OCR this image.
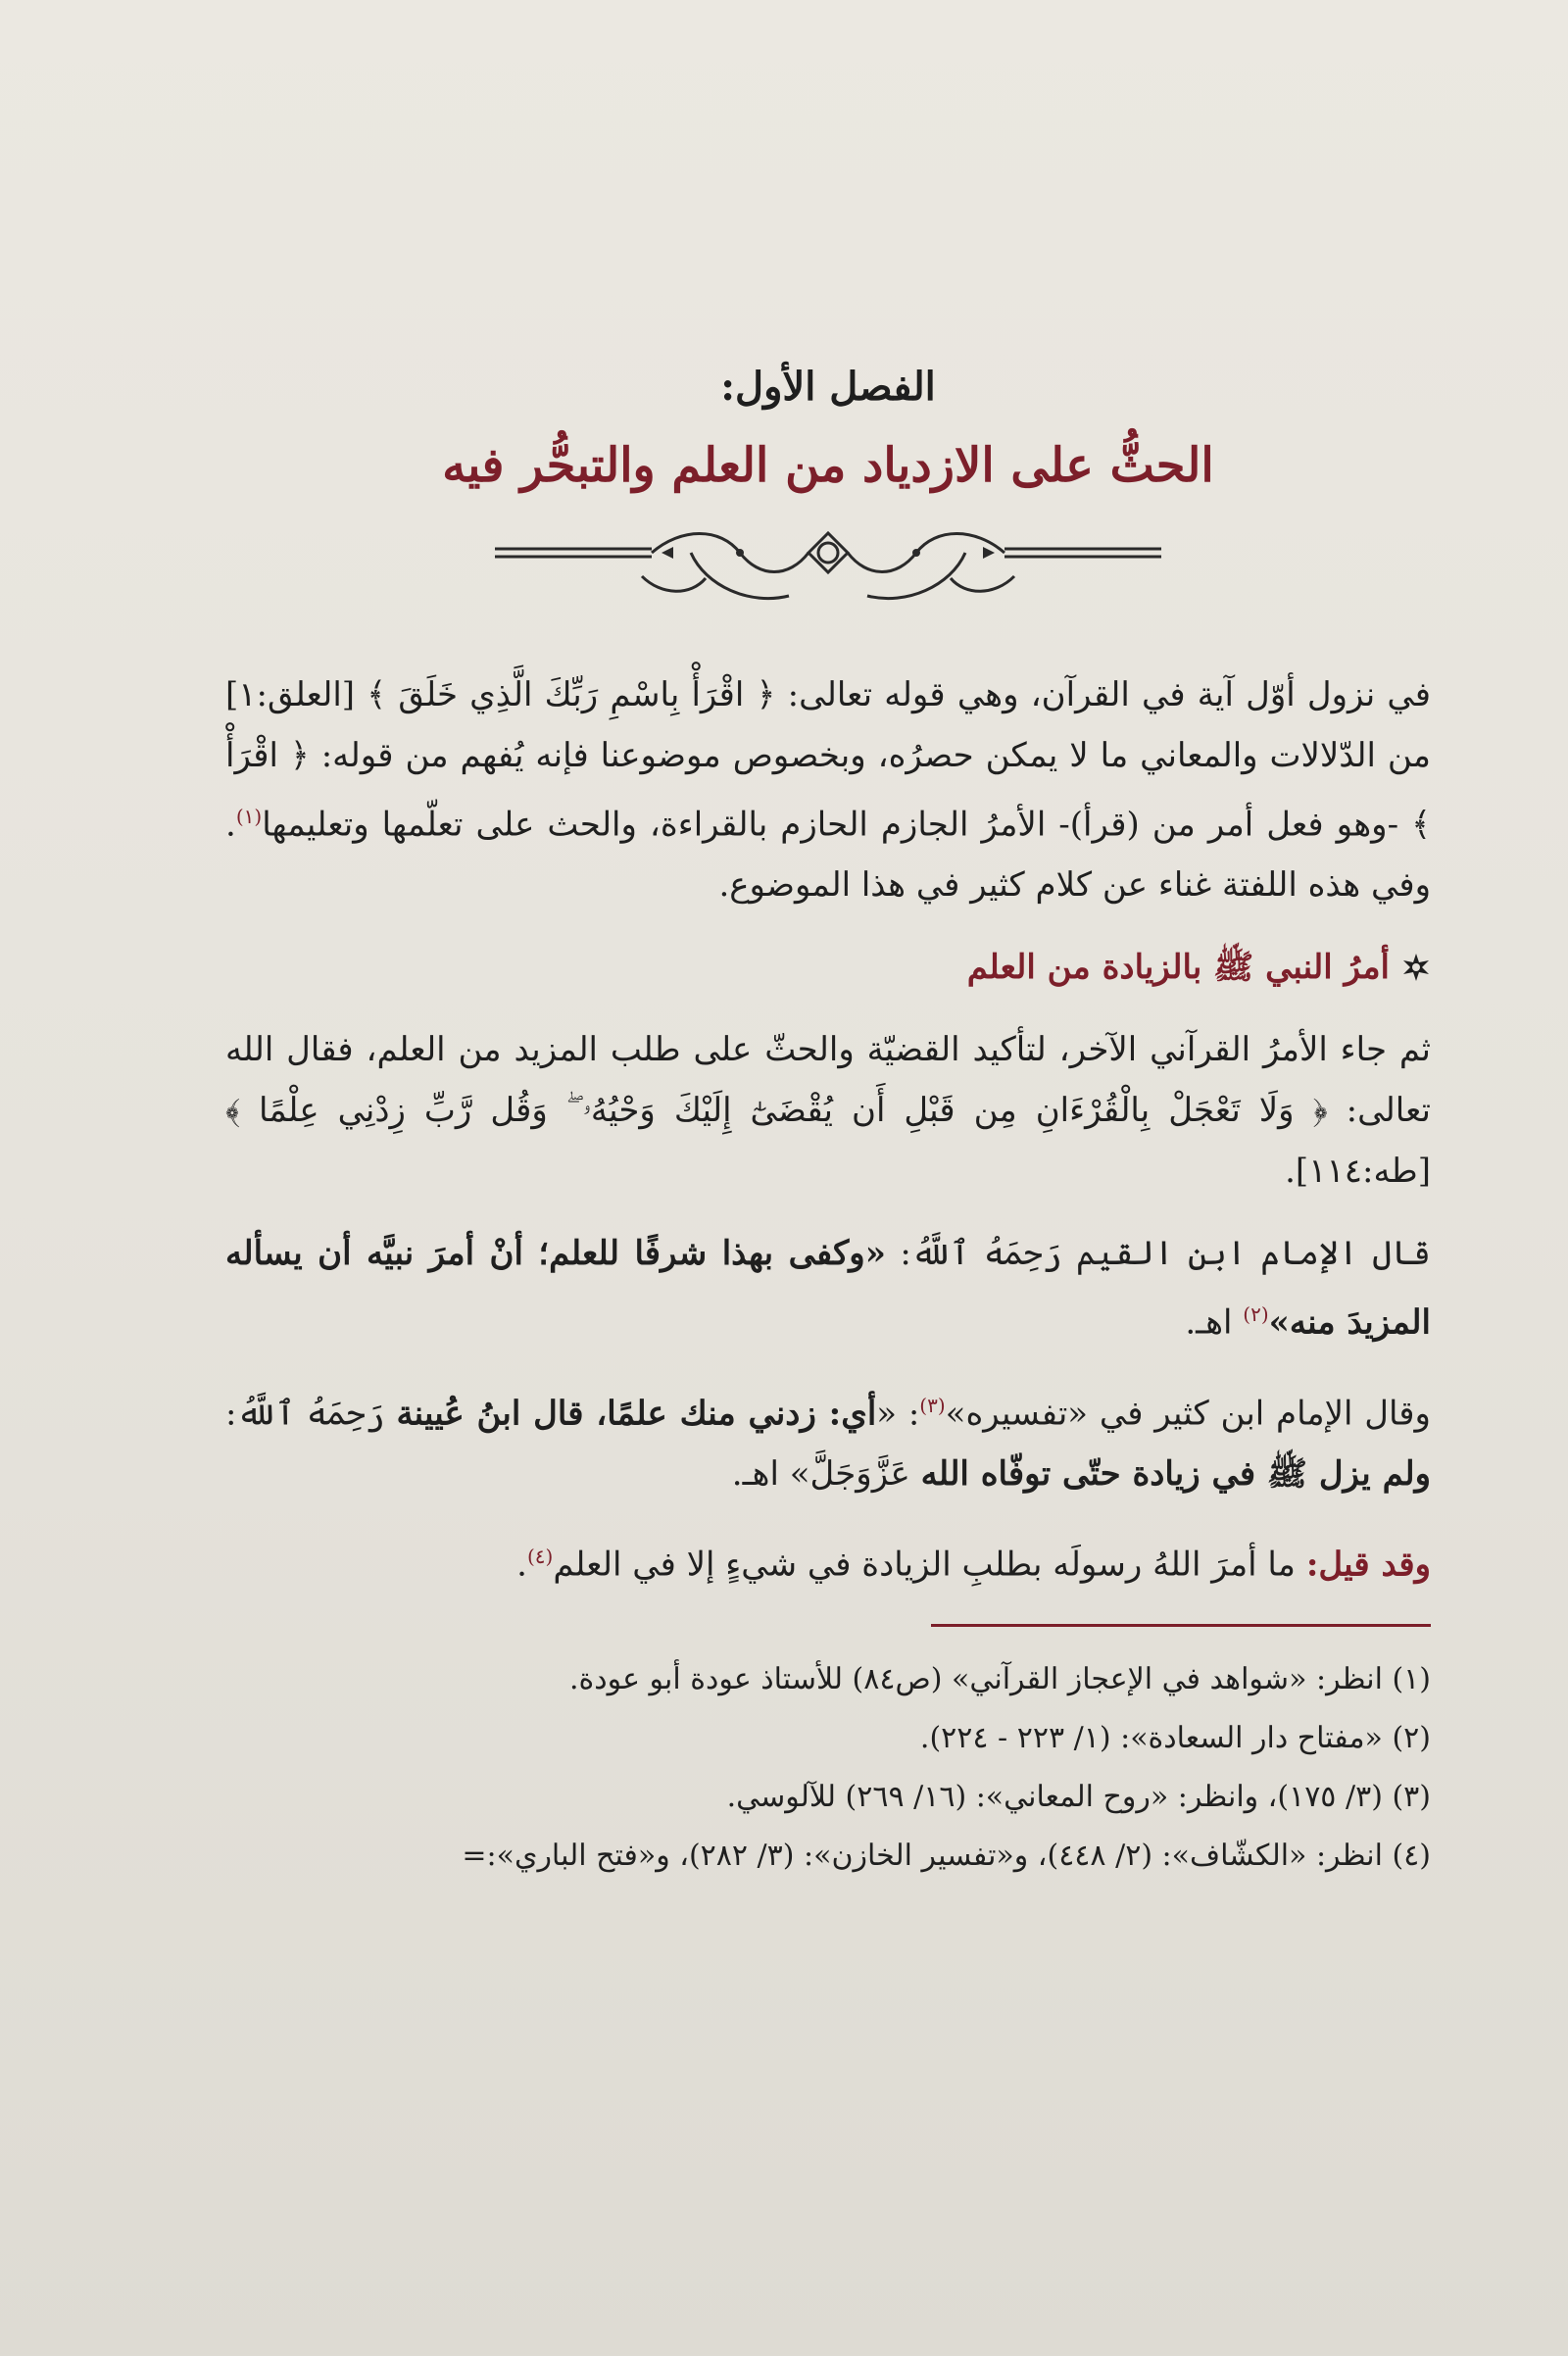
الفصل الأول:
الحثُّ على الازدياد من العلم والتبحُّر فيه

في نزول أوّل آية في القرآن، وهي قوله تعالى: ﴿ اقْرَأْ بِاسْمِ رَبِّكَ الَّذِي خَلَقَ ﴾ [العلق:١] من الدّلالات والمعاني ما لا يمكن حصرُه، وبخصوص موضوعنا فإنه يُفهم من قوله: ﴿ اقْرَأْ ﴾ -وهو فعل أمر من (قرأ)- الأمرُ الجازم الحازم بالقراءة، والحث على تعلّمها وتعليمها$^{(١)}$. وفي هذه اللفتة غناء عن كلام كثير في هذا الموضوع.

أمرُ النبي ﷺ بالزيادة من العلم

ثم جاء الأمرُ القرآني الآخر، لتأكيد القضيّة والحثّ على طلب المزيد من العلم، فقال الله تعالى: ﴿ وَلَا تَعْجَلْ بِالْقُرْءَانِ مِن قَبْلِ أَن يُقْضَىٰٓ إِلَيْكَ وَحْيُهُۥ ۖ وَقُل رَّبِّ زِدْنِي عِلْمًا ﴾ [طه:١١٤].

قال الإمام ابن القيم رَحِمَهُ ٱللَّهُ: «وكفى بهذا شرفًا للعلم؛ أنْ أمرَ نبيَّه أن يسأله المزيدَ منه»$^{(٢)}$ اهـ.

وقال الإمام ابن كثير في «تفسيره»$^{(٣)}$: «أي: زدني منك علمًا، قال ابنُ عُيينة رَحِمَهُ ٱللَّهُ: ولم يزل ﷺ في زيادة حتّى توفّاه الله عَزَّوَجَلَّ» اهـ.

وقد قيل: ما أمرَ اللهُ رسولَه بطلبِ الزيادة في شيءٍ إلا في العلم$^{(٤)}$.

(١) انظر: «شواهد في الإعجاز القرآني» (ص٨٤) للأستاذ عودة أبو عودة.
(٢) «مفتاح دار السعادة»: (١/ ٢٢٣ - ٢٢٤).
(٣) (٣/ ١٧٥)، وانظر: «روح المعاني»: (١٦/ ٢٦٩) للآلوسي.
(٤) انظر: «الكشّاف»: (٢/ ٤٤٨)، و«تفسير الخازن»: (٣/ ٢٨٢)، و«فتح الباري»:=
